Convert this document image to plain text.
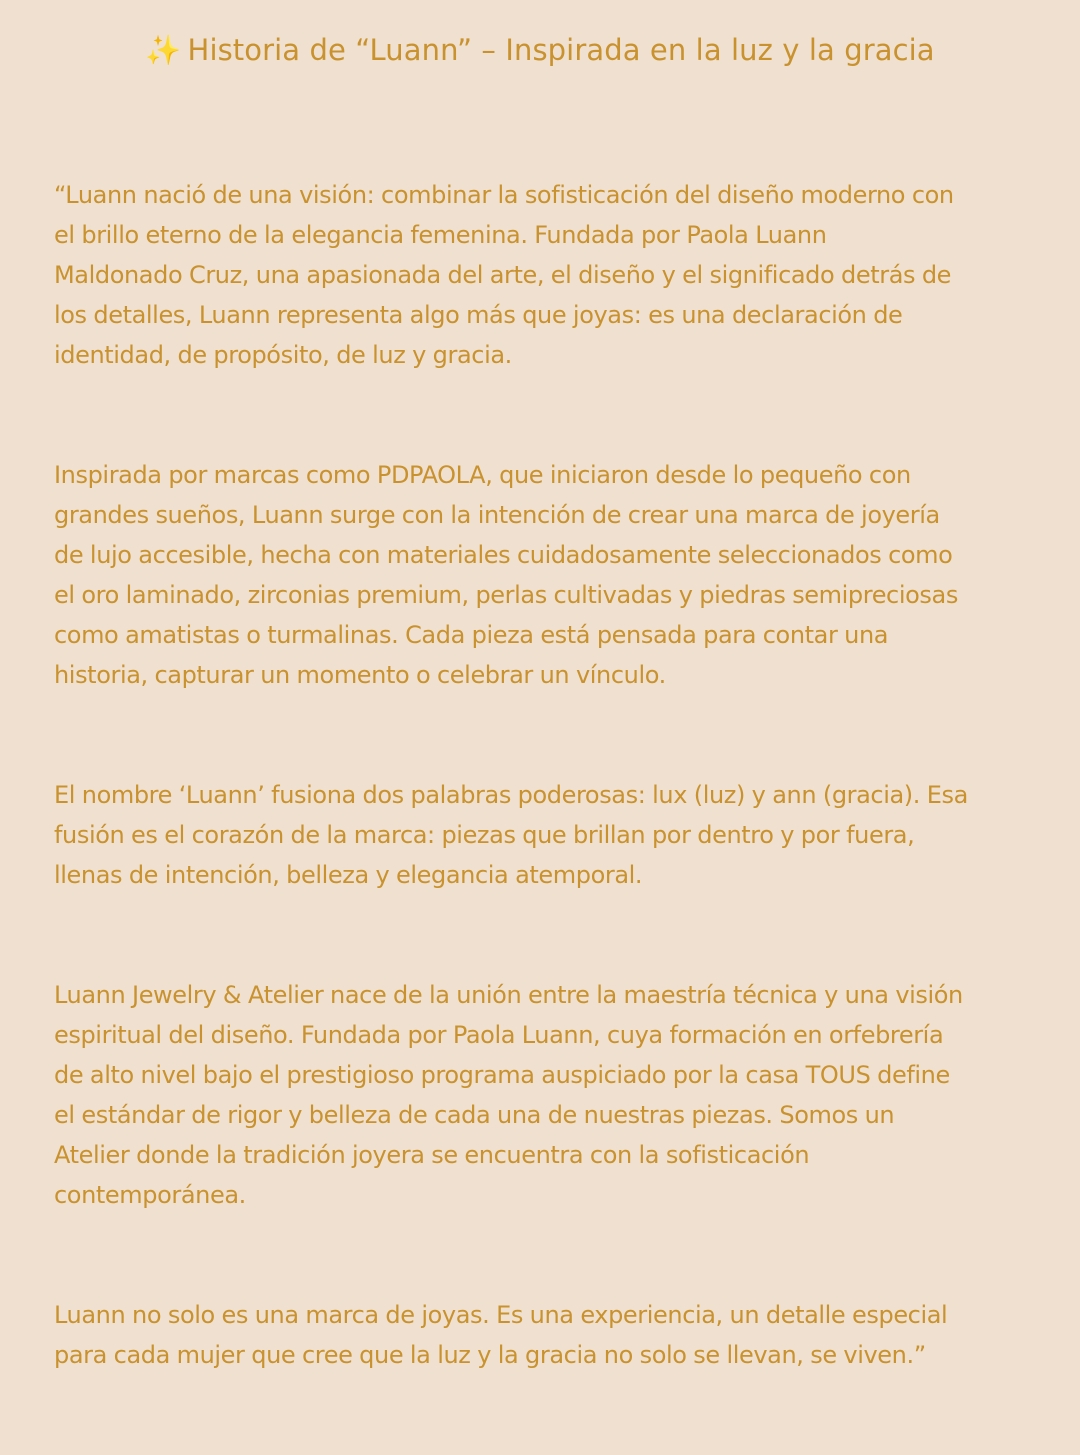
✨ Historia de “Luann” – Inspirada en la luz y la gracia

“Luann nació de una visión: combinar la sofisticación del diseño moderno con
el brillo eterno de la elegancia femenina. Fundada por Paola Luann
Maldonado Cruz, una apasionada del arte, el diseño y el significado detrás de
los detalles, Luann representa algo más que joyas: es una declaración de
identidad, de propósito, de luz y gracia.

Inspirada por marcas como PDPAOLA, que iniciaron desde lo pequeño con
grandes sueños, Luann surge con la intención de crear una marca de joyería
de lujo accesible, hecha con materiales cuidadosamente seleccionados como
el oro laminado, zirconias premium, perlas cultivadas y piedras semipreciosas
como amatistas o turmalinas. Cada pieza está pensada para contar una
historia, capturar un momento o celebrar un vínculo.

El nombre ‘Luann’ fusiona dos palabras poderosas: lux (luz) y ann (gracia). Esa
fusión es el corazón de la marca: piezas que brillan por dentro y por fuera,
llenas de intención, belleza y elegancia atemporal.

Luann Jewelry & Atelier nace de la unión entre la maestría técnica y una visión
espiritual del diseño. Fundada por Paola Luann, cuya formación en orfebrería
de alto nivel bajo el prestigioso programa auspiciado por la casa TOUS define
el estándar de rigor y belleza de cada una de nuestras piezas. Somos un
Atelier donde la tradición joyera se encuentra con la sofisticación
contemporánea.

Luann no solo es una marca de joyas. Es una experiencia, un detalle especial
para cada mujer que cree que la luz y la gracia no solo se llevan, se viven.”
